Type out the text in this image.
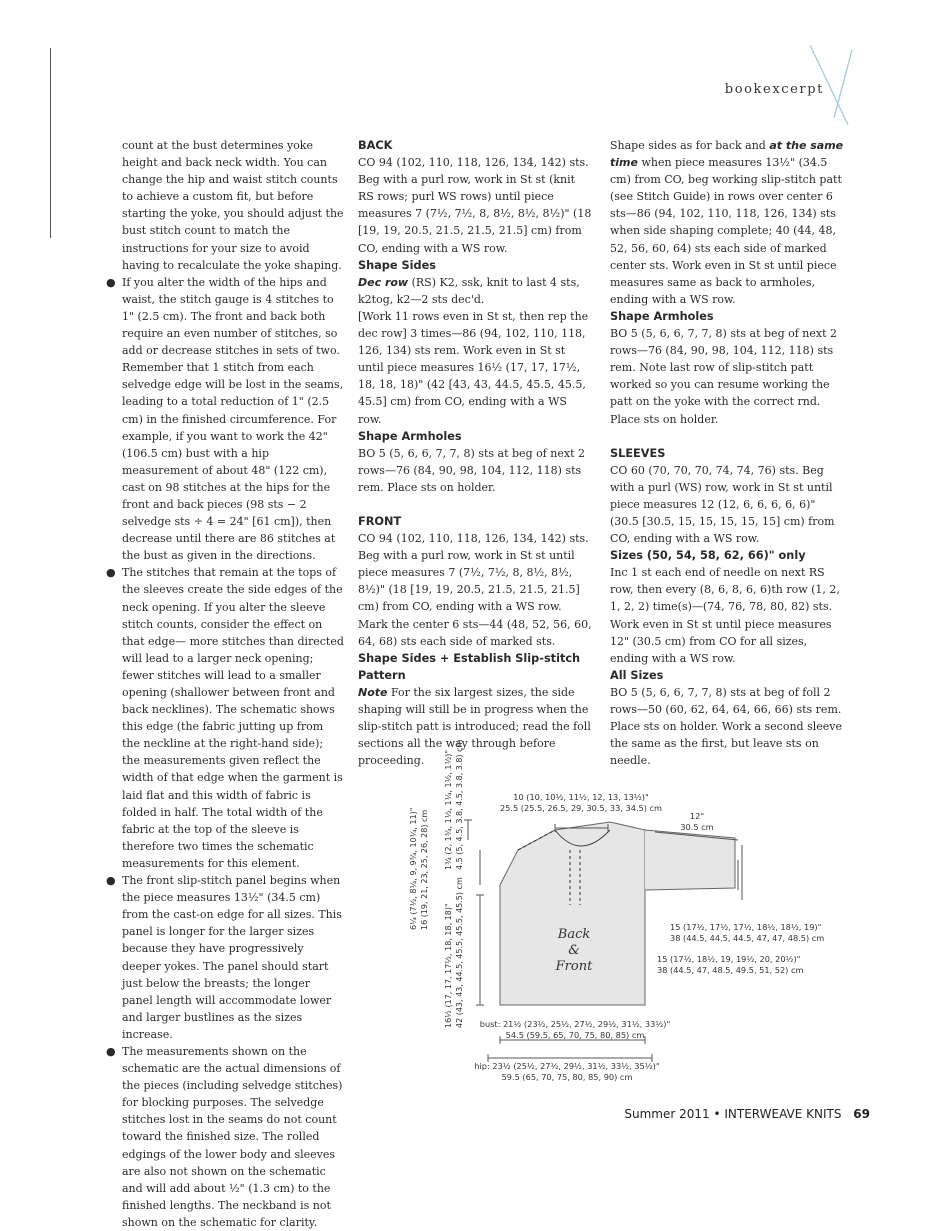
bookexcerpt

count at the bust determines yoke height and back neck width. You can change the hip and waist stitch counts to achieve a custom fit, but before starting the yoke, you should adjust the bust stitch count to match the instructions for your size to avoid having to recalculate the yoke shaping.

● If you alter the width of the hips and waist, the stitch gauge is 4 stitches to 1" (2.5 cm). The front and back both require an even number of stitches, so add or decrease stitches in sets of two. Remember that 1 stitch from each selvedge edge will be lost in the seams, leading to a total reduction of 1" (2.5 cm) in the finished circumference. For example, if you want to work the 42" (106.5 cm) bust with a hip measurement of about 48" (122 cm), cast on 98 stitches at the hips for the front and back pieces (98 sts − 2 selvedge sts ÷ 4 = 24" [61 cm]), then decrease until there are 86 stitches at the bust as given in the directions.
● The stitches that remain at the tops of the sleeves create the side edges of the neck opening. If you alter the sleeve stitch counts, consider the effect on that edge— more stitches than directed will lead to a larger neck opening; fewer stitches will lead to a smaller opening (shallower between front and back necklines). The schematic shows this edge (the fabric jutting up from the neckline at the right-hand side); the measurements given reflect the width of that edge when the garment is laid flat and this width of fabric is folded in half. The total width of the fabric at the top of the sleeve is therefore two times the schematic measurements for this element.
● The front slip-stitch panel begins when the piece measures 13½" (34.5 cm) from the cast-on edge for all sizes. This panel is longer for the larger sizes because they have progressively deeper yokes. The panel should start just below the breasts; the longer panel length will accommodate lower and larger bustlines as the sizes increase.
● The measurements shown on the schematic are the actual dimensions of the pieces (including selvedge stitches) for blocking purposes. The selvedge stitches lost in the seams do not count toward the finished size. The rolled edgings of the lower body and sleeves are also not shown on the schematic and will add about ½" (1.3 cm) to the finished lengths. The neckband is not shown on the schematic for clarity.
BACK

CO 94 (102, 110, 118, 126, 134, 142) sts. Beg with a purl row, work in St st (knit RS rows; purl WS rows) until piece measures 7 (7½, 7½, 8, 8½, 8½, 8½)" (18 [19, 19, 20.5, 21.5, 21.5, 21.5] cm) from CO, ending with a WS row.

Shape Sides

Dec row (RS) K2, ssk, knit to last 4 sts, k2tog, k2—2 sts dec'd.

[Work 11 rows even in St st, then rep the dec row] 3 times—86 (94, 102, 110, 118, 126, 134) sts rem. Work even in St st until piece measures 16½ (17, 17, 17½, 18, 18, 18)" (42 [43, 43, 44.5, 45.5, 45.5, 45.5] cm) from CO, ending with a WS row.

Shape Armholes

BO 5 (5, 6, 6, 7, 7, 8) sts at beg of next 2 rows—76 (84, 90, 98, 104, 112, 118) sts rem. Place sts on holder.

FRONT

CO 94 (102, 110, 118, 126, 134, 142) sts. Beg with a purl row, work in St st until piece measures 7 (7½, 7½, 8, 8½, 8½, 8½)" (18 [19, 19, 20.5, 21.5, 21.5, 21.5] cm) from CO, ending with a WS row. Mark the center 6 sts—44 (48, 52, 56, 60, 64, 68) sts each side of marked sts.

Shape Sides + Establish Slip-stitch Pattern

Note For the six largest sizes, the side shaping will still be in progress when the slip-stitch patt is introduced; read the foll sections all the way through before proceeding.

Shape sides as for back and at the same time when piece measures 13½" (34.5 cm) from CO, beg working slip-stitch patt (see Stitch Guide) in rows over center 6 sts—86 (94, 102, 110, 118, 126, 134) sts when side shaping complete; 40 (44, 48, 52, 56, 60, 64) sts each side of marked center sts. Work even in St st until piece measures same as back to armholes, ending with a WS row.

Shape Armholes

BO 5 (5, 6, 6, 7, 7, 8) sts at beg of next 2 rows—76 (84, 90, 98, 104, 112, 118) sts rem. Note last row of slip-stitch patt worked so you can resume working the patt on the yoke with the correct rnd. Place sts on holder.

SLEEVES

CO 60 (70, 70, 70, 74, 74, 76) sts. Beg with a purl (WS) row, work in St st until piece measures 12 (12, 6, 6, 6, 6, 6)" (30.5 [30.5, 15, 15, 15, 15, 15] cm) from CO, ending with a WS row.

Sizes (50, 54, 58, 62, 66)" only

Inc 1 st each end of needle on next RS row, then every (8, 6, 8, 6, 6)th row (1, 2, 1, 2, 2) time(s)—(74, 76, 78, 80, 82) sts. Work even in St st until piece measures 12" (30.5 cm) from CO for all sizes, ending with a WS row.

All Sizes

BO 5 (5, 6, 6, 7, 7, 8) sts at beg of foll 2 rows—50 (60, 62, 64, 64, 66, 66) sts rem. Place sts on holder. Work a second sleeve the same as the first, but leave sts on needle.

10 (10, 10½, 11½, 12, 13, 13½)"
25.5 (25.5, 26.5, 29, 30.5, 33, 34.5) cm
12"
30.5 cm
6¼ (7½, 8¼, 9, 9¾, 10¼, 11)" 16 (19, 21, 23, 25, 26, 28) cm 1¾ (2, 1¾, 1½, 1¼, 1½, 1½)" 4.5 (5, 4.5, 3.8, 4.5, 3.8, 3.8) cm
16½ (17, 17, 17½, 18, 18, 18)" 42 (43, 43, 44.5, 45.5, 45.5, 45.5) cm	Back
&
Front
15 (17½, 17½, 17½, 18½, 18½, 19)"
38 (44.5, 44.5, 44.5, 47, 47, 48.5) cm
15 (17½, 18½, 19, 19½, 20, 20½)"
38 (44.5, 47, 48.5, 49.5, 51, 52) cm
bust: 21½ (23½, 25½, 27½, 29½, 31½, 33½)"
54.5 (59.5, 65, 70, 75, 80, 85) cm
hip: 23½ (25½, 27½, 29½, 31½, 33½, 35½)"
59.5 (65, 70, 75, 80, 85, 90) cm
Summer 2011 • INTERWEAVE KNITS 69
